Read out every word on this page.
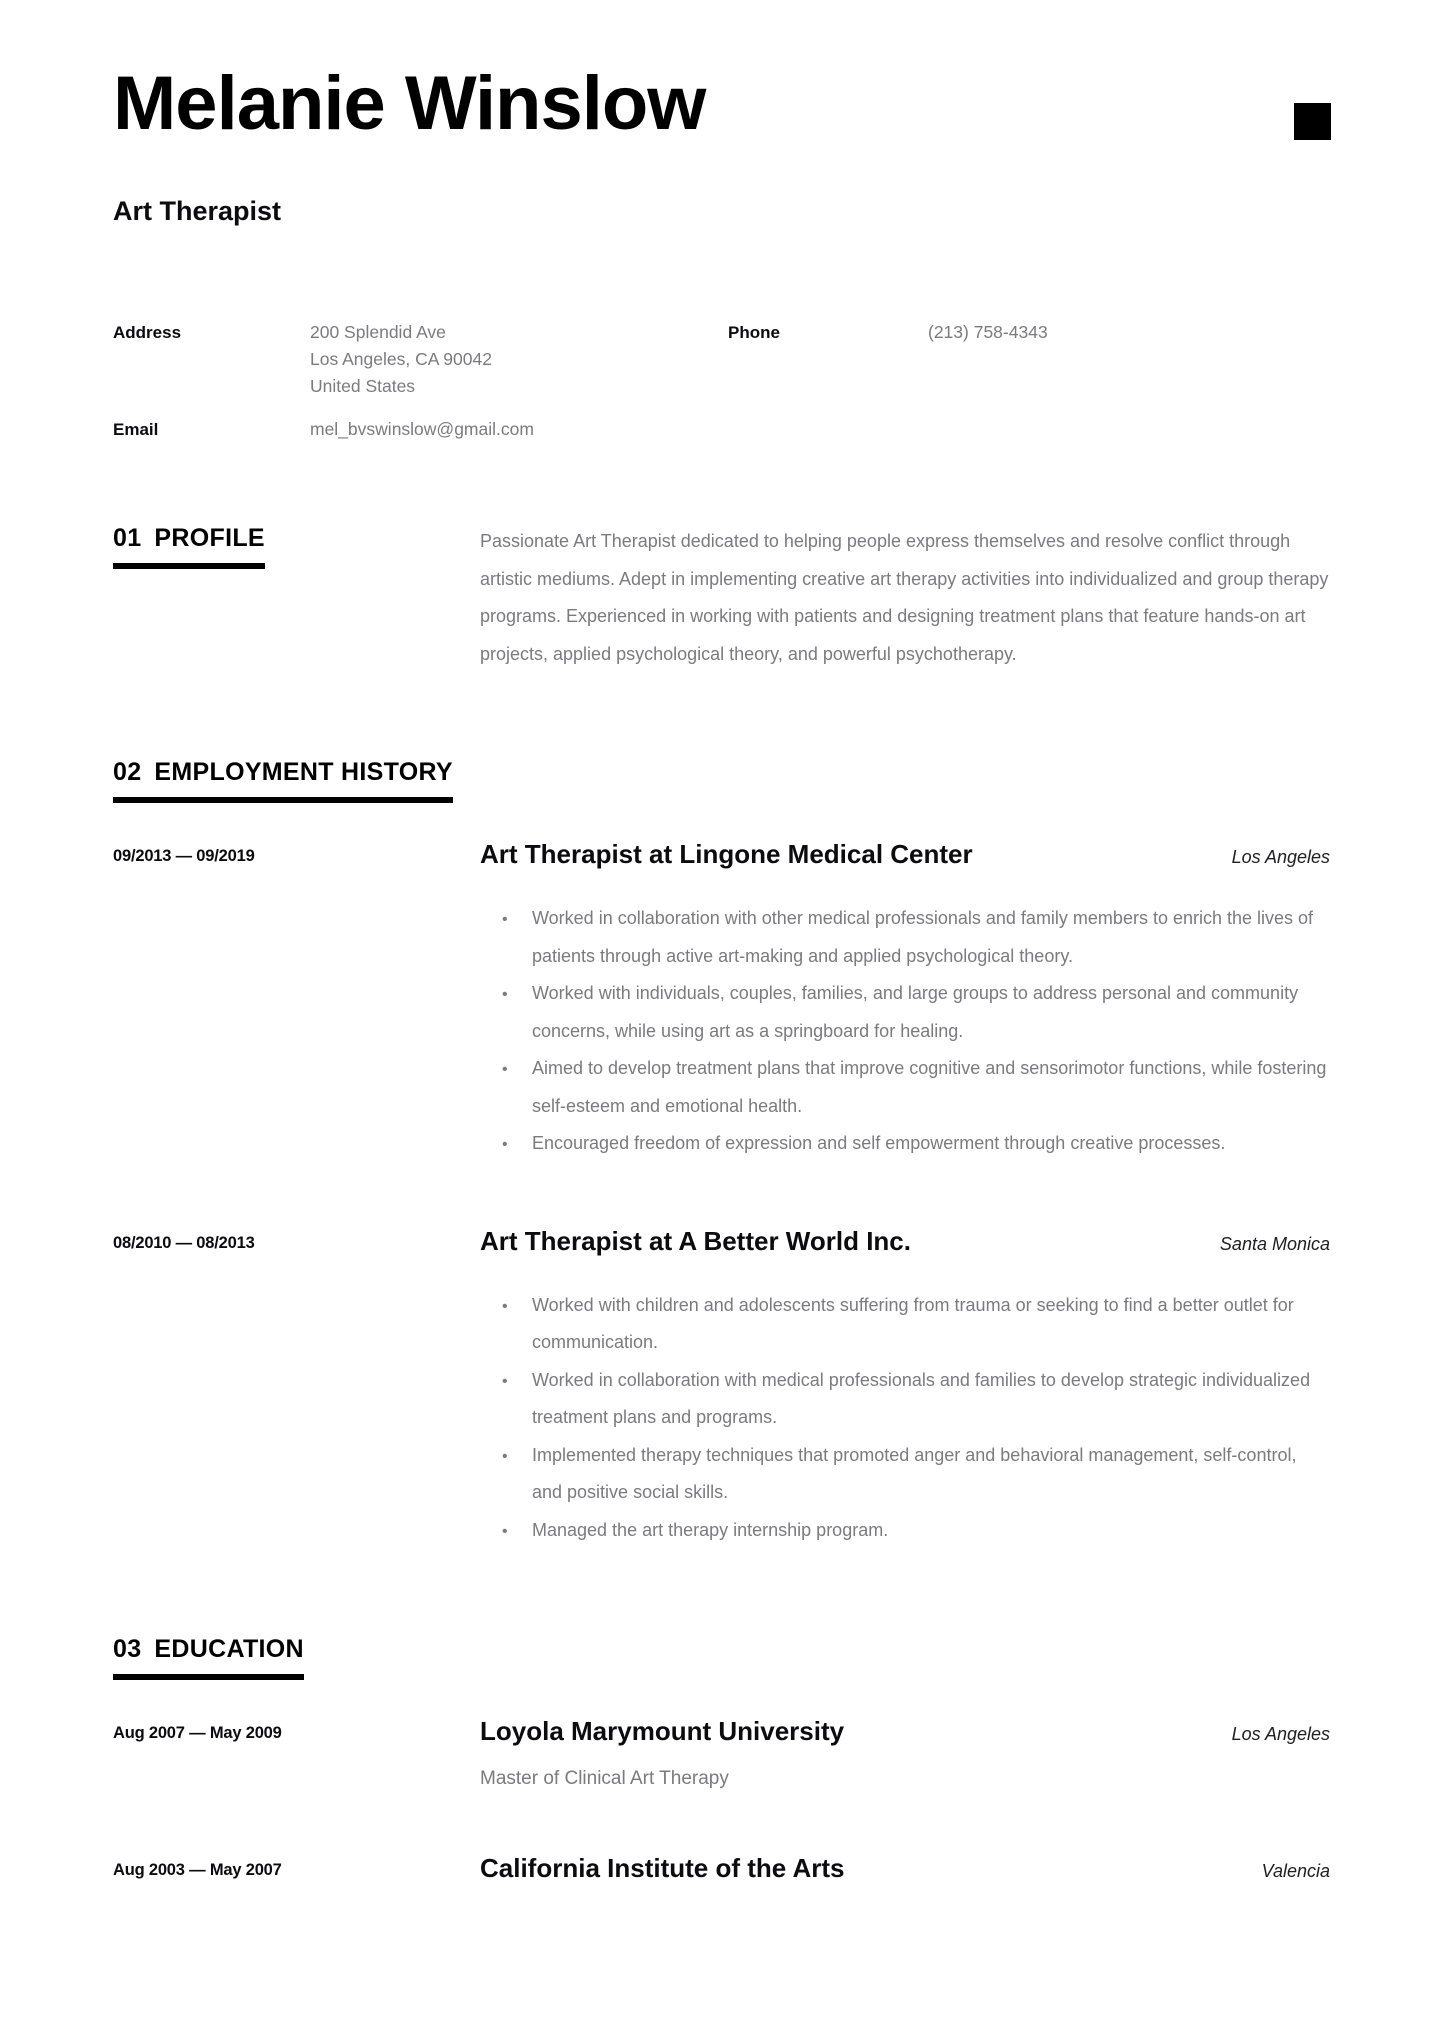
Melanie Winslow
Art Therapist
Address	200 Splendid Ave
Los Angeles, CA 90042
United States
Phone	(213) 758-4343
Email	mel_bvswinslow@gmail.com
01 PROFILE	Passionate Art Therapist dedicated to helping people express themselves and resolve conflict through artistic mediums. Adept in implementing creative art therapy activities into individualized and group therapy programs. Experienced in working with patients and designing treatment plans that feature hands-on art projects, applied psychological theory, and powerful psychotherapy.

02 EMPLOYMENT HISTORY
09/2013 — 09/2019	Art Therapist at Lingone Medical Center	Los Angeles
•
Worked in collaboration with other medical professionals and family members to enrich the lives of patients through active art-making and applied psychological theory.
•
Worked with individuals, couples, families, and large groups to address personal and community concerns, while using art as a springboard for healing.
•
Aimed to develop treatment plans that improve cognitive and sensorimotor functions, while fostering self-esteem and emotional health.
•
Encouraged freedom of expression and self empowerment through creative processes.
08/2010 — 08/2013	Art Therapist at A Better World Inc.	Santa Monica
•
Worked with children and adolescents suffering from trauma or seeking to find a better outlet for communication.
•
Worked in collaboration with medical professionals and families to develop strategic individualized treatment plans and programs.
•
Implemented therapy techniques that promoted anger and behavioral management, self-control, and positive social skills.
•
Managed the art therapy internship program.
03 EDUCATION
Aug 2007 — May 2009	Loyola Marymount University	Los Angeles
Master of Clinical Art Therapy
Aug 2003 — May 2007	California Institute of the Arts	Valencia
